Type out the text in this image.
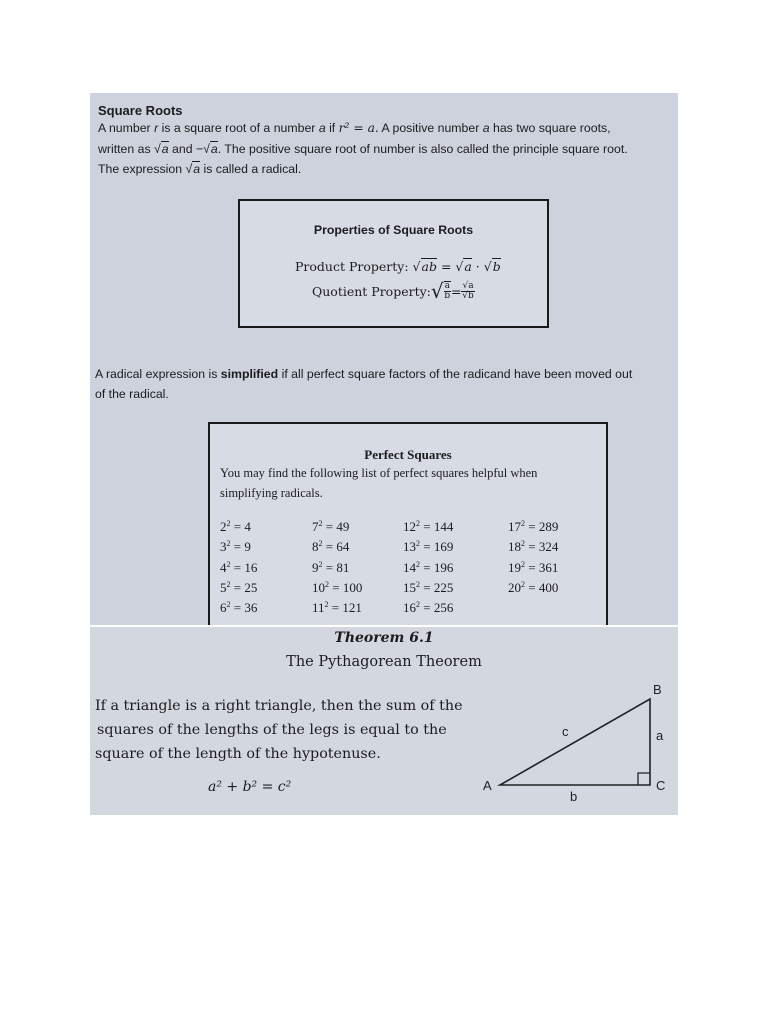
Square Roots
A number r is a square root of a number a if r² = a. A positive number a has two square roots,
written as √a and −√a. The positive square root of number is also called the principle square root.
The expression √a is called a radical.
Properties of Square Roots
Product Property: √ab = √a · √b
Quotient Property: √ $\frac{a}{b} = \frac{√a}{√b}$
A radical expression is simplified if all perfect square factors of the radicand have been moved out
of the radical.
Perfect Squares
You may find the following list of perfect squares helpful when
simplifying radicals.
$2^2 = 4$
$3^2 = 9$
$4^2 = 16$
$5^2 = 25$
$6^2 = 36$
$7^2 = 49$
$8^2 = 64$
$9^2 = 81$
$10^2 = 100$
$11^2 = 121$
$12^2 = 144$
$13^2 = 169$
$14^2 = 196$
$15^2 = 225$
$16^2 = 256$
$17^2 = 289$
$18^2 = 324$
$19^2 = 361$
$20^2 = 400$
Theorem 6.1
The Pythagorean Theorem
If a triangle is a right triangle, then the sum of the
squares of the lengths of the legs is equal to the
square of the length of the hypotenuse.
a² + b² = c²	A
B
C
a
b
c
